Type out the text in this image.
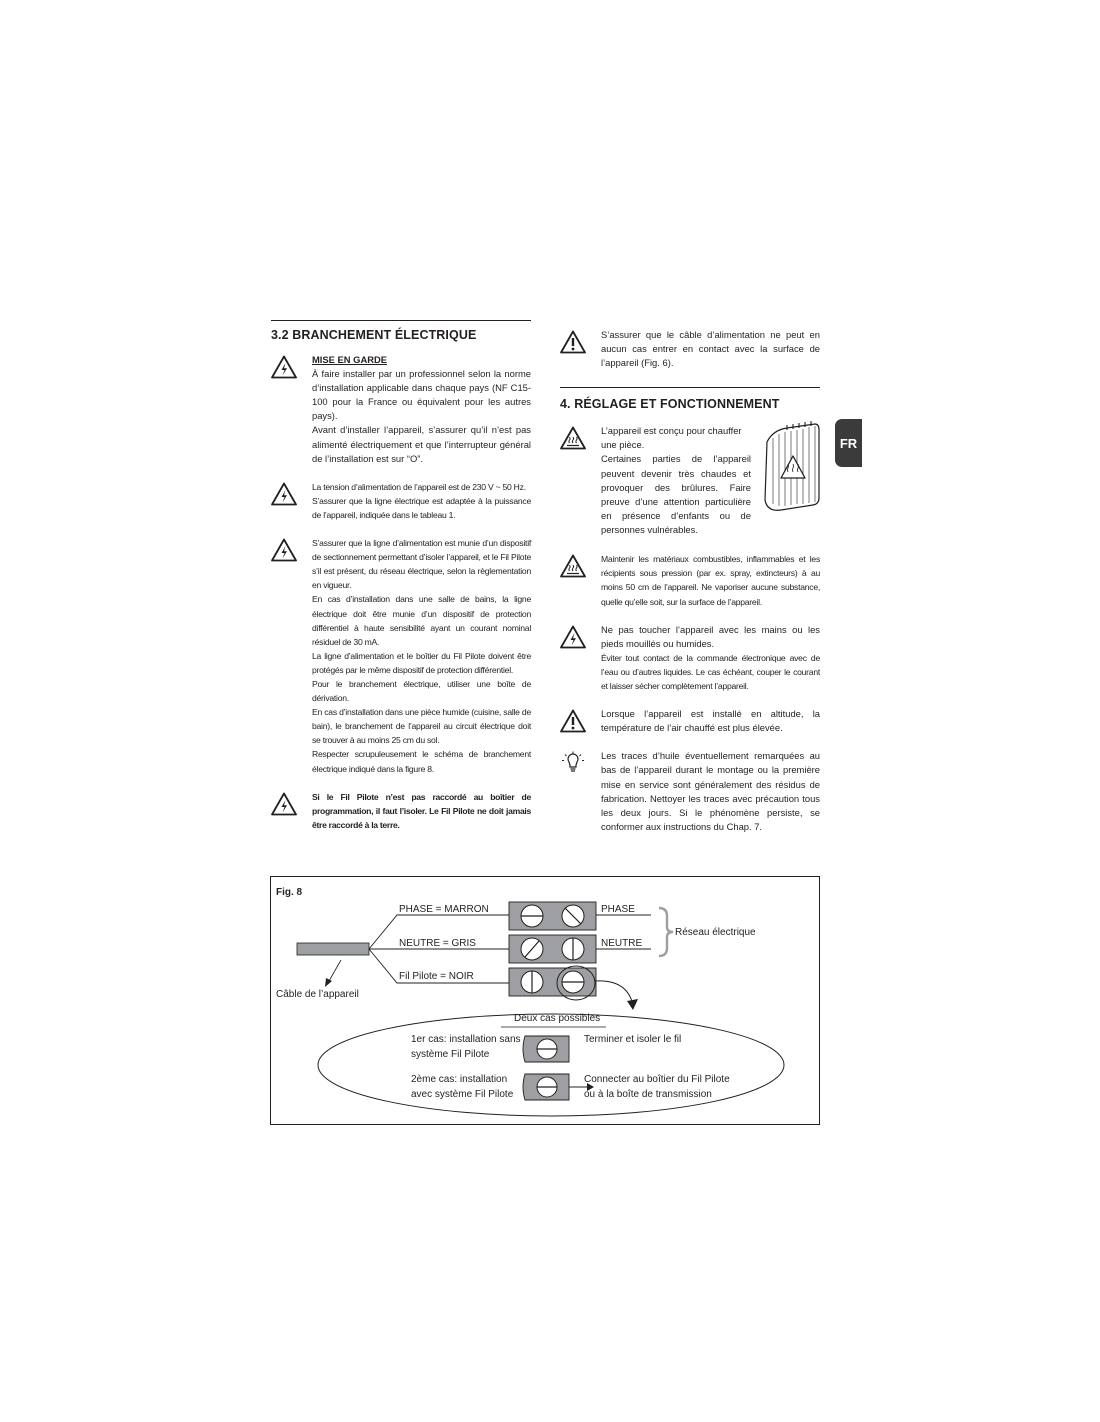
3.2 BRANCHEMENT ÉLECTRIQUE

MISE EN GARDE

À faire installer par un professionnel selon la norme d’installation applicable dans chaque pays (NF C15-100 pour la France ou équivalent pour les autres pays).

Avant d’installer l’appareil, s’assurer qu’il n’est pas alimenté électriquement et que l’interrupteur général de l’installation est sur “O”.

La tension d’alimentation de l’appareil est de 230 V ~ 50 Hz.

S’assurer que la ligne électrique est adaptée à la puissance de l’appareil, indiquée dans le tableau 1.

S’assurer que la ligne d’alimentation est munie d’un dispositif de sectionnement permettant d’isoler l’appareil, et le Fil Pilote s’il est présent, du réseau électrique, selon la règlementation en vigueur.

En cas d’installation dans une salle de bains, la ligne électrique doit être munie d’un dispositif de protection différentiel à haute sensibilité ayant un courant nominal résiduel de 30 mA.

La ligne d’alimentation et le boîtier du Fil Pilote doivent être protégés par le même dispositif de protection différentiel.

Pour le branchement électrique, utiliser une boîte de dérivation.

En cas d’installation dans une pièce humide (cuisine, salle de bain), le branchement de l’appareil au circuit électrique doit se trouver à au moins 25 cm du sol.

Respecter scrupuleusement le schéma de branchement électrique indiqué dans la figure 8.

Si le Fil Pilote n’est pas raccordé au boîtier de programmation, il faut l’isoler. Le Fil Pilote ne doit jamais être raccordé à la terre.

S’assurer que le câble d’alimentation ne peut en aucun cas entrer en contact avec la surface de l’appareil (Fig. 6).

4. RÉGLAGE ET FONCTIONNEMENT

L’appareil est conçu pour chauffer une pièce.

Certaines parties de l’appareil peuvent devenir très chaudes et provoquer des brûlures. Faire preuve d’une attention particulière en présence d’enfants ou de personnes vulnérables.

Maintenir les matériaux combustibles, inflammables et les récipients sous pression (par ex. spray, extincteurs) à au moins 50 cm de l’appareil. Ne vaporiser aucune substance, quelle qu’elle soit, sur la surface de l’appareil.

Ne pas toucher l’appareil avec les mains ou les pieds mouillés ou humides.

Éviter tout contact de la commande électronique avec de l’eau ou d’autres liquides. Le cas échéant, couper le courant et laisser sécher complètement l’appareil.

Lorsque l’appareil est installé en altitude, la température de l’air chauffé est plus élevée.

Les traces d’huile éventuellement remarquées au bas de l’appareil durant le montage ou la première mise en service sont généralement des résidus de fabrication. Nettoyer les traces avec précaution tous les deux jours. Si le phénomène persiste, se conformer aux instructions du Chap. 7.

FR
Fig. 8
Câble de l’appareil
PHASE = MARRON
NEUTRE = GRIS
Fil Pilote = NOIR
PHASE
NEUTRE
Réseau électrique
Deux cas possibles
1er cas: installation sans
système Fil Pilote
Terminer et isoler le fil
2ème cas: installation
avec système Fil Pilote
Connecter au boîtier du Fil Pilote
ou à la boîte de transmission
